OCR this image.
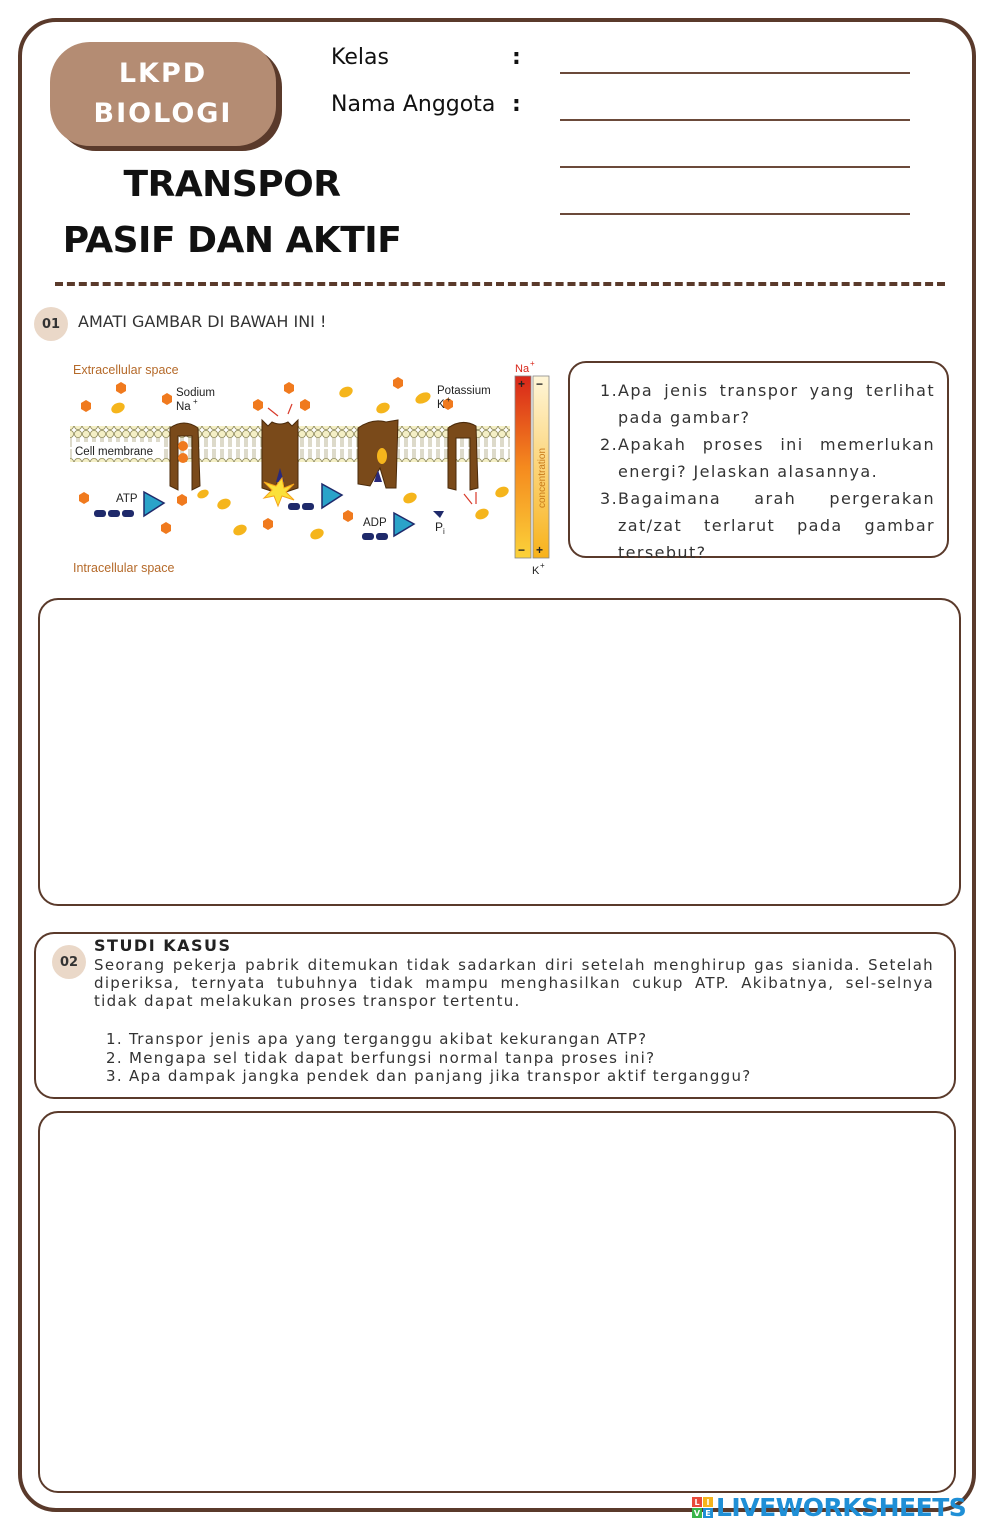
LKPD
BIOLOGI
TRANSPOR
PASIF DAN AKTIF
Kelas	:
Nama Anggota :
01	AMATI GAMBAR DI BAWAH INI !
Extracellular space
Intracellular space
Cell membrane
Sodium
Na +
Potassium
K +
ATP
ADP	P i
Na +
+ −
− +
concentration
K +
1. Apa jenis transpor yang terlihat pada gambar?
2. Apakah proses ini memerlukan energi? Jelaskan alasannya.
3. Bagaimana arah pergerakan zat/zat terlarut pada gambar tersebut?
02
STUDI KASUS
Seorang pekerja pabrik ditemukan tidak sadarkan diri setelah menghirup gas sianida. Setelah diperiksa, ternyata tubuhnya tidak mampu menghasilkan cukup ATP. Akibatnya, sel-selnya tidak dapat melakukan proses transpor tertentu.
1. Transpor jenis apa yang terganggu akibat kekurangan ATP?
2. Mengapa sel tidak dapat berfungsi normal tanpa proses ini?
3. Apa dampak jangka pendek dan panjang jika transpor aktif terganggu?
L I
V E LIVEWORKSHEETS
